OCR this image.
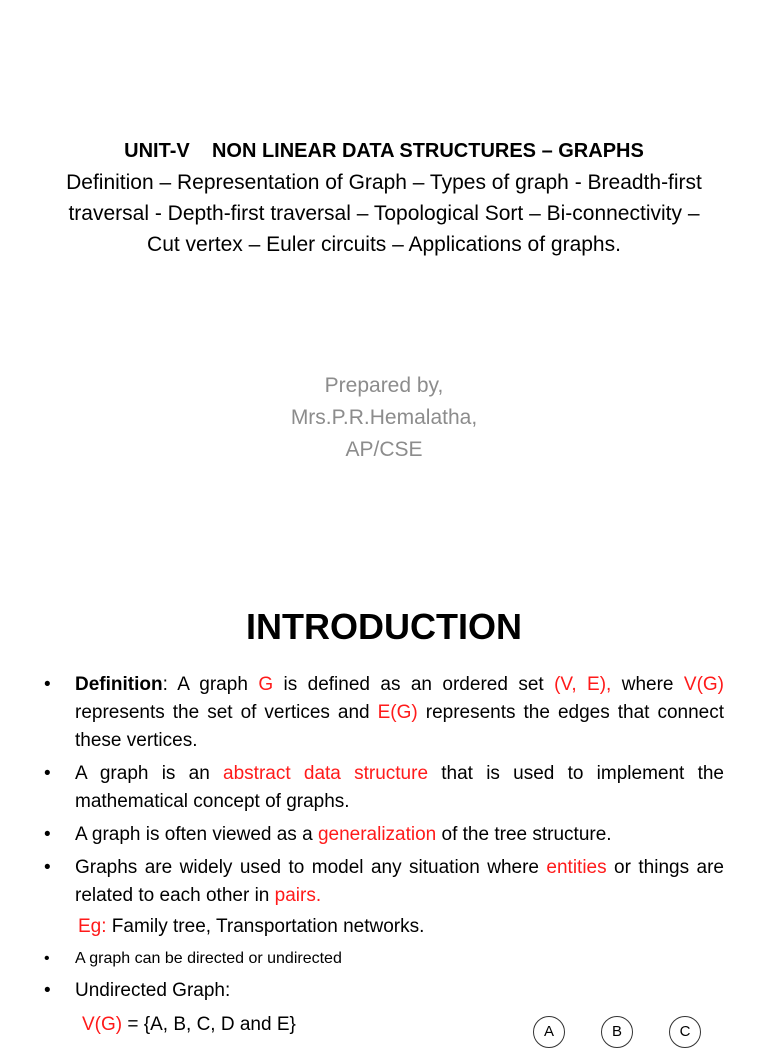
UNIT-V    NON LINEAR DATA STRUCTURES – GRAPHS
Definition – Representation of Graph – Types of graph - Breadth-first traversal - Depth-first traversal – Topological Sort – Bi-connectivity – Cut vertex – Euler circuits – Applications of graphs.
Prepared by,
Mrs.P.R.Hemalatha,
AP/CSE
INTRODUCTION
• Definition: A graph G is defined as an ordered set (V, E), where V(G) represents the set of vertices and E(G) represents the edges that connect these vertices.
• A graph is an abstract data structure that is used to implement the mathematical concept of graphs.
• A graph is often viewed as a generalization of the tree structure.
• Graphs are widely used to model any situation where entities or things are related to each other in pairs.
Eg: Family tree, Transportation networks.
• A graph can be directed or undirected
• Undirected Graph:
V(G) = {A, B, C, D and E}	A	B	C
